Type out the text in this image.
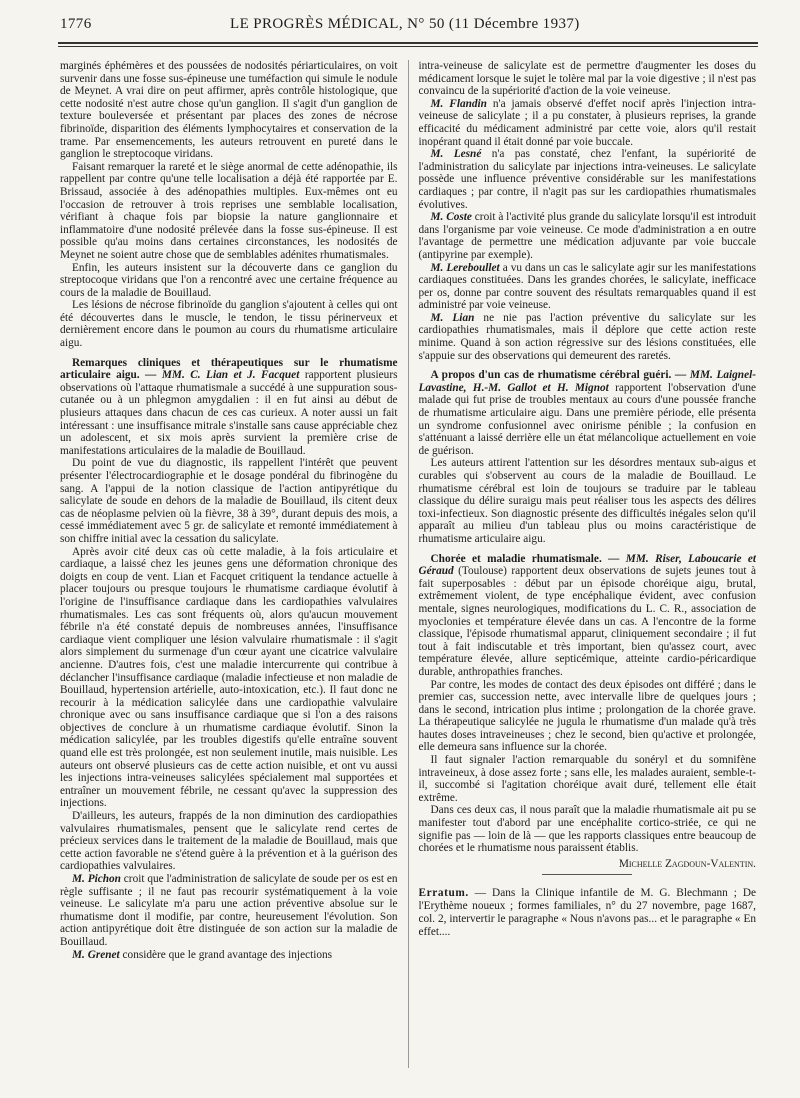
1776	LE PROGRÈS MÉDICAL, N° 50 (11 Décembre 1937)

marginés éphémères et des poussées de nodosités périarticulaires, on voit survenir dans une fosse sus-épineuse une tuméfaction qui simule le nodule de Meynet. A vrai dire on peut affirmer, après contrôle histologique, que cette nodosité n'est autre chose qu'un ganglion. Il s'agit d'un ganglion de texture bouleversée et présentant par places des zones de nécrose fibrinoïde, disparition des éléments lymphocytaires et conservation de la trame. Par ensemencements, les auteurs retrouvent en pureté dans le ganglion le streptocoque viridans.

Faisant remarquer la rareté et le siège anormal de cette adénopathie, ils rappellent par contre qu'une telle localisation a déjà été rapportée par E. Brissaud, associée à des adénopathies multiples. Eux-mêmes ont eu l'occasion de retrouver à trois reprises une semblable localisation, vérifiant à chaque fois par biopsie la nature ganglionnaire et inflammatoire d'une nodosité prélevée dans la fosse sus-épineuse. Il est possible qu'au moins dans certaines circonstances, les nodosités de Meynet ne soient autre chose que de semblables adénites rhumatismales.

Enfin, les auteurs insistent sur la découverte dans ce ganglion du streptocoque viridans que l'on a rencontré avec une certaine fréquence au cours de la maladie de Bouillaud.

Les lésions de nécrose fibrinoïde du ganglion s'ajoutent à celles qui ont été découvertes dans le muscle, le tendon, le tissu périnerveux et dernièrement encore dans le poumon au cours du rhumatisme articulaire aigu.

Remarques cliniques et thérapeutiques sur le rhumatisme articulaire aigu. — MM. C. Lian et J. Facquet rapportent plusieurs observations où l'attaque rhumatismale a succédé à une suppuration sous-cutanée ou à un phlegmon amygdalien : il en fut ainsi au début de plusieurs attaques dans chacun de ces cas curieux. A noter aussi un fait intéressant : une insuffisance mitrale s'installe sans cause appréciable chez un adolescent, et six mois après survient la première crise de manifestations articulaires de la maladie de Bouillaud.

Du point de vue du diagnostic, ils rappellent l'intérêt que peuvent présenter l'électrocardiographie et le dosage pondéral du fibrinogène du sang. A l'appui de la notion classique de l'action antipyrétique du salicylate de soude en dehors de la maladie de Bouillaud, ils citent deux cas de néoplasme pelvien où la fièvre, 38 à 39°, durant depuis des mois, a cessé immédiatement avec 5 gr. de salicylate et remonté immédiatement à son chiffre initial avec la cessation du salicylate.

Après avoir cité deux cas où cette maladie, à la fois articulaire et cardiaque, a laissé chez les jeunes gens une déformation chronique des doigts en coup de vent. Lian et Facquet critiquent la tendance actuelle à placer toujours ou presque toujours le rhumatisme cardiaque évolutif à l'origine de l'insuffisance cardiaque dans les cardiopathies valvulaires rhumatismales. Les cas sont fréquents où, alors qu'aucun mouvement fébrile n'a été constaté depuis de nombreuses années, l'insuffisance cardiaque vient compliquer une lésion valvulaire rhumatismale : il s'agit alors simplement du surmenage d'un cœur ayant une cicatrice valvulaire ancienne. D'autres fois, c'est une maladie intercurrente qui contribue à déclancher l'insuffisance cardiaque (maladie infectieuse et non maladie de Bouillaud, hypertension artérielle, auto-intoxication, etc.). Il faut donc ne recourir à la médication salicylée dans une cardiopathie valvulaire chronique avec ou sans insuffisance cardiaque que si l'on a des raisons objectives de conclure à un rhumatisme cardiaque évolutif. Sinon la médication salicylée, par les troubles digestifs qu'elle entraîne souvent quand elle est très prolongée, est non seulement inutile, mais nuisible. Les auteurs ont observé plusieurs cas de cette action nuisible, et ont vu aussi les injections intra-veineuses salicylées spécialement mal supportées et entraîner un mouvement fébrile, ne cessant qu'avec la suppression des injections.

D'ailleurs, les auteurs, frappés de la non diminution des cardiopathies valvulaires rhumatismales, pensent que le salicylate rend certes de précieux services dans le traitement de la maladie de Bouillaud, mais que cette action favorable ne s'étend guère à la prévention et à la guérison des cardiopathies valvulaires.

M. Pichon croit que l'administration de salicylate de soude per os est en règle suffisante ; il ne faut pas recourir systématiquement à la voie veineuse. Le salicylate m'a paru une action préventive absolue sur le rhumatisme dont il modifie, par contre, heureusement l'évolution. Son action antipyrétique doit être distinguée de son action sur la maladie de Bouillaud.

M. Grenet considère que le grand avantage des injections

intra-veineuse de salicylate est de permettre d'augmenter les doses du médicament lorsque le sujet le tolère mal par la voie digestive ; il n'est pas convaincu de la supériorité d'action de la voie veineuse.

M. Flandin n'a jamais observé d'effet nocif après l'injection intra-veineuse de salicylate ; il a pu constater, à plusieurs reprises, la grande efficacité du médicament administré par cette voie, alors qu'il restait inopérant quand il était donné par voie buccale.

M. Lesné n'a pas constaté, chez l'enfant, la supériorité de l'administration du salicylate par injections intra-veineuses. Le salicylate possède une influence préventive considérable sur les manifestations cardiaques ; par contre, il n'agit pas sur les cardiopathies rhumatismales évolutives.

M. Coste croit à l'activité plus grande du salicylate lorsqu'il est introduit dans l'organisme par voie veineuse. Ce mode d'administration a en outre l'avantage de permettre une médication adjuvante par voie buccale (antipyrine par exemple).

M. Lereboullet a vu dans un cas le salicylate agir sur les manifestations cardiaques constituées. Dans les grandes chorées, le salicylate, inefficace per os, donne par contre souvent des résultats remarquables quand il est administré par voie veineuse.

M. Lian ne nie pas l'action préventive du salicylate sur les cardiopathies rhumatismales, mais il déplore que cette action reste minime. Quand à son action régressive sur des lésions constituées, elle s'appuie sur des observations qui demeurent des raretés.

A propos d'un cas de rhumatisme cérébral guéri. — MM. Laignel-Lavastine, H.-M. Gallot et H. Mignot rapportent l'observation d'une malade qui fut prise de troubles mentaux au cours d'une poussée franche de rhumatisme articulaire aigu. Dans une première période, elle présenta un syndrome confusionnel avec onirisme pénible ; la confusion en s'atténuant a laissé derrière elle un état mélancolique actuellement en voie de guérison.

Les auteurs attirent l'attention sur les désordres mentaux sub-aigus et curables qui s'observent au cours de la maladie de Bouillaud. Le rhumatisme cérébral est loin de toujours se traduire par le tableau classique du délire suraigu mais peut réaliser tous les aspects des délires toxi-infectieux. Son diagnostic présente des difficultés inégales selon qu'il apparaît au milieu d'un tableau plus ou moins caractéristique de rhumatisme articulaire aigu.

Chorée et maladie rhumatismale. — MM. Riser, Laboucarie et Géraud (Toulouse) rapportent deux observations de sujets jeunes tout à fait superposables : début par un épisode choréique aigu, brutal, extrêmement violent, de type encéphalique évident, avec confusion mentale, signes neurologiques, modifications du L. C. R., association de myoclonies et température élevée dans un cas. A l'encontre de la forme classique, l'épisode rhumatismal apparut, cliniquement secondaire ; il fut tout à fait indiscutable et très important, bien qu'assez court, avec température élevée, allure septicémique, atteinte cardio-péricardique durable, anthropathies franches.

Par contre, les modes de contact des deux épisodes ont différé ; dans le premier cas, succession nette, avec intervalle libre de quelques jours ; dans le second, intrication plus intime ; prolongation de la chorée grave. La thérapeutique salicylée ne jugula le rhumatisme d'un malade qu'à très hautes doses intraveineuses ; chez le second, bien qu'active et prolongée, elle demeura sans influence sur la chorée.

Il faut signaler l'action remarquable du sonéryl et du somnifène intraveineux, à dose assez forte ; sans elle, les malades auraient, semble-t-il, succombé si l'agitation choréique avait duré, tellement elle était extrême.

Dans ces deux cas, il nous paraît que la maladie rhumatismale ait pu se manifester tout d'abord par une encéphalite cortico-striée, ce qui ne signifie pas — loin de là — que les rapports classiques entre beaucoup de chorées et le rhumatisme nous paraissent établis.

Michelle Zagdoun-Valentin.
Erratum. — Dans la Clinique infantile de M. G. Blechmann ; De l'Erythème noueux ; formes familiales, n° du 27 novembre, page 1687, col. 2, intervertir le paragraphe « Nous n'avons pas... et le paragraphe « En effet....
